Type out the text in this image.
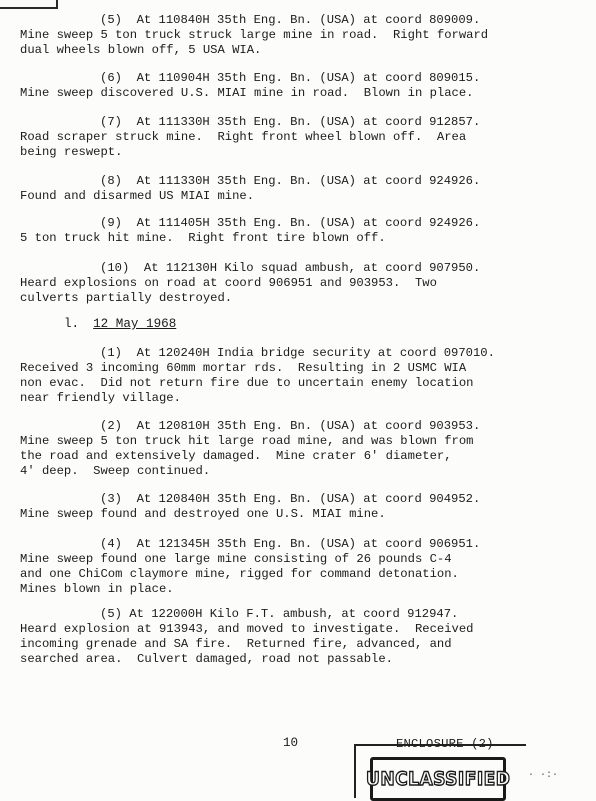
(5)  At 110840H 35th Eng. Bn. (USA) at coord 809009.

Mine sweep 5 ton truck struck large mine in road.  Right forward

dual wheels blown off, 5 USA WIA.

(6)  At 110904H 35th Eng. Bn. (USA) at coord 809015.

Mine sweep discovered U.S. MIAI mine in road.  Blown in place.

(7)  At 111330H 35th Eng. Bn. (USA) at coord 912857.

Road scraper struck mine.  Right front wheel blown off.  Area

being reswept.

(8)  At 111330H 35th Eng. Bn. (USA) at coord 924926.

Found and disarmed US MIAI mine.

(9)  At 111405H 35th Eng. Bn. (USA) at coord 924926.

5 ton truck hit mine.  Right front tire blown off.

(10)  At 112130H Kilo squad ambush, at coord 907950.

Heard explosions on road at coord 906951 and 903953.  Two

culverts partially destroyed.

l. 12 May 1968

(1)  At 120240H India bridge security at coord 097010.

Received 3 incoming 60mm mortar rds.  Resulting in 2 USMC WIA

non evac.  Did not return fire due to uncertain enemy location

near friendly village.

(2)  At 120810H 35th Eng. Bn. (USA) at coord 903953.

Mine sweep 5 ton truck hit large road mine, and was blown from

the road and extensively damaged.  Mine crater 6' diameter,

4' deep.  Sweep continued.

(3)  At 120840H 35th Eng. Bn. (USA) at coord 904952.

Mine sweep found and destroyed one U.S. MIAI mine.

(4)  At 121345H 35th Eng. Bn. (USA) at coord 906951.

Mine sweep found one large mine consisting of 26 pounds C-4

and one ChiCom claymore mine, rigged for command detonation.

Mines blown in place.

(5) At 122000H Kilo F.T. ambush, at coord 912947.

Heard explosion at 913943, and moved to investigate.  Received

incoming grenade and SA fire.  Returned fire, advanced, and

searched area.  Culvert damaged, road not passable.

10	ENCLOSURE (2)
UNCLASSIFIED · ·:·
